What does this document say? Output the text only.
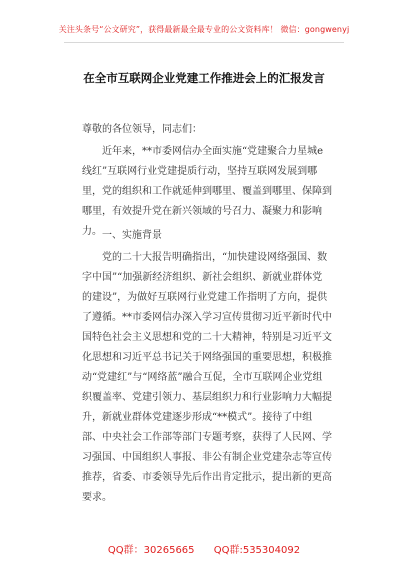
关注头条号“公文研究”，获得最新最全最专业的公文资料库！ 微信：gongwenyj
在全市互联网企业党建工作推进会上的汇报发言

尊敬的各位领导，同志们：

近年来，**市委网信办全面实施“党建聚合力星城e线红”互联网行业党建提质行动，坚持互联网发展到哪里，党的组织和工作就延伸到哪里、覆盖到哪里、保障到哪里，有效提升党在新兴领域的号召力、凝聚力和影响力。 一、实施背景

党的二十大报告明确指出，“加快建设网络强国、数字中国”“加强新经济组织、新社会组织、新就业群体党的建设”，为做好互联网行业党建工作指明了方向，提供了遵循。**市委网信办深入学习宣传贯彻习近平新时代中国特色社会主义思想和党的二十大精神，特别是习近平文化思想和习近平总书记关于网络强国的重要思想，积极推动“党建红”与“网络蓝”融合互促，全市互联网企业党组织覆盖率、党建引领力、基层组织力和行业影响力大幅提升，新就业群体党建逐步形成“**模式”。接待了中组部、中央社会工作部等部门专题考察，获得了人民网、学习强国、中国组织人事报、非公有制企业党建杂志等宣传推荐，省委、市委领导先后作出肯定批示，提出新的更高要求。

QQ群：30265665 QQ群:535304092
